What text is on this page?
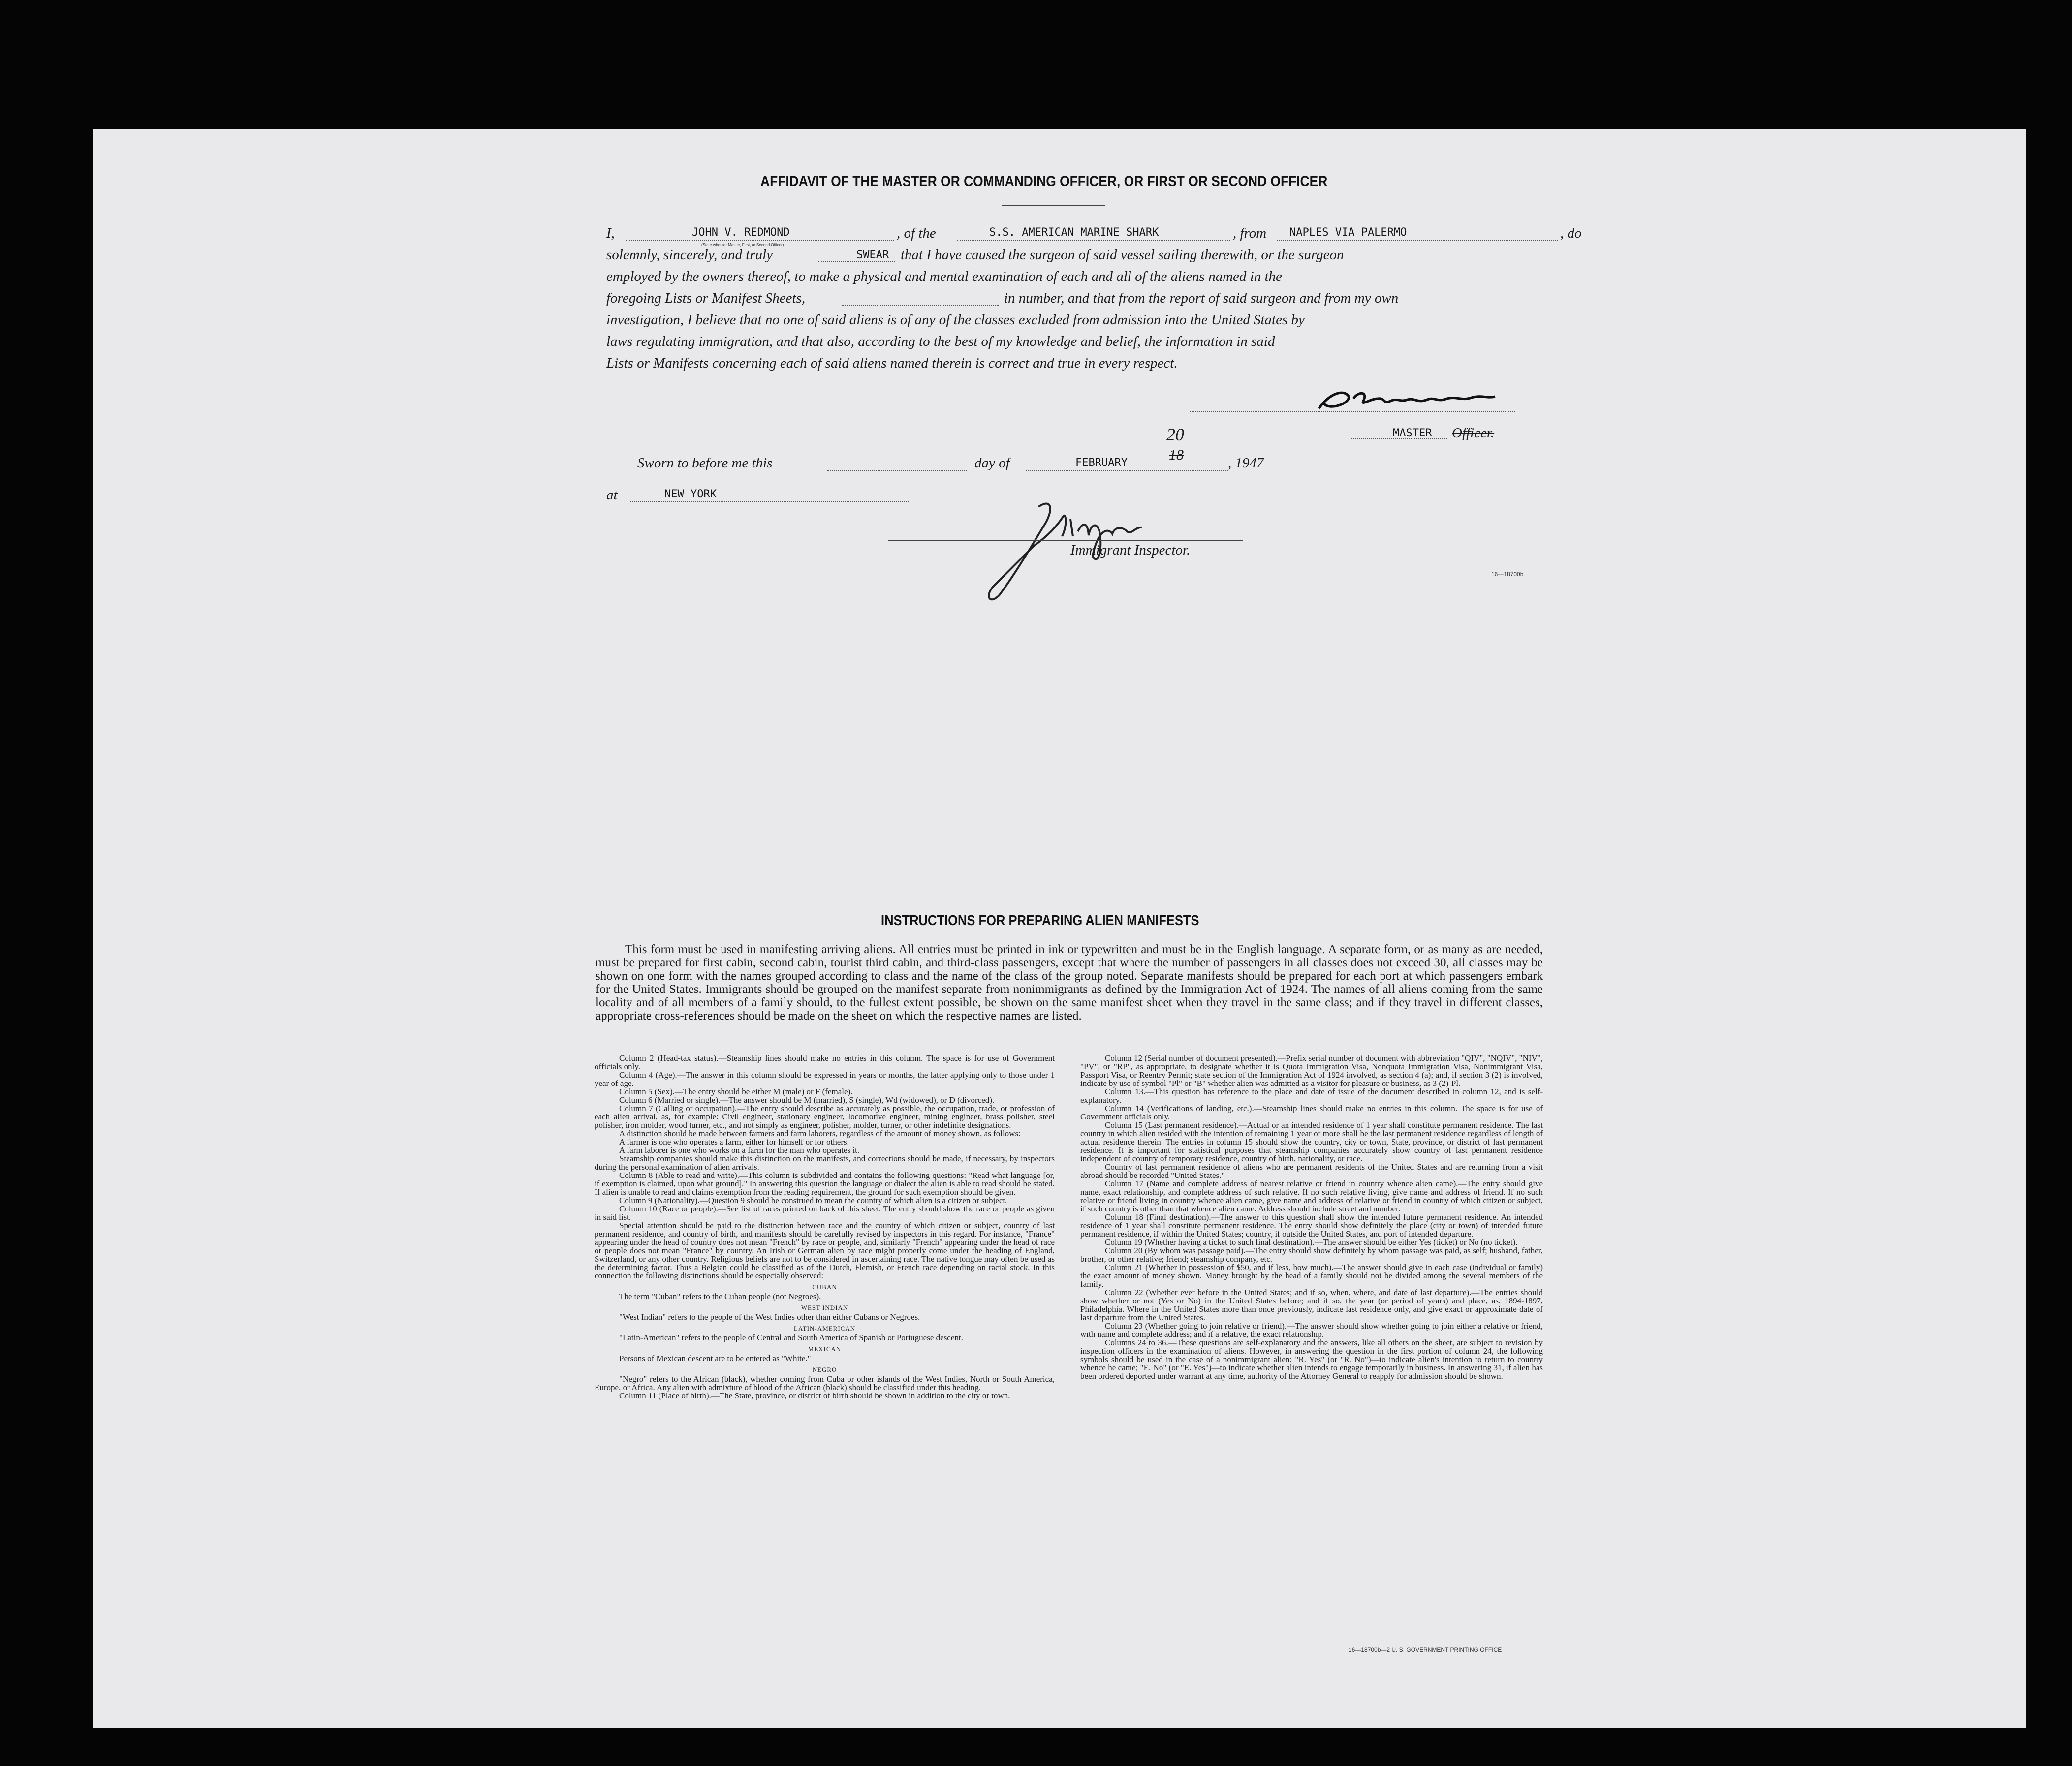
AFFIDAVIT OF THE MASTER OR COMMANDING OFFICER, OR FIRST OR SECOND OFFICER
I,	JOHN V. REDMOND
(State whether Master, First, or Second Officer)
, of the	S.S. AMERICAN MARINE SHARK	, from NAPLES VIA PALERMO	, do
solemnly, sincerely, and truly	SWEAR that I have caused the surgeon of said vessel sailing therewith, or the surgeon
employed by the owners thereof, to make a physical and mental examination of each and all of the aliens named in the
foregoing Lists or Manifest Sheets,	in number, and that from the report of said surgeon and from my own
investigation, I believe that no one of said aliens is of any of the classes excluded from admission into the United States by
laws regulating immigration, and that also, according to the best of my knowledge and belief, the information in said
Lists or Manifests concerning each of said aliens named therein is correct and true in every respect.
MASTER Officer.
Sworn to before me this	day of	FEBRUARY
20
18	, 1947
at	NEW YORK
Immigrant Inspector.
16—18700b
INSTRUCTIONS FOR PREPARING ALIEN MANIFESTS
This form must be used in manifesting arriving aliens. All entries must be printed in ink or typewritten and must be in the English language. A separate form, or as many as are needed, must be prepared for first cabin, second cabin, tourist third cabin, and third-class passengers, except that where the number of passengers in all classes does not exceed 30, all classes may be shown on one form with the names grouped according to class and the name of the class of the group noted. Separate manifests should be prepared for each port at which passengers embark for the United States. Immigrants should be grouped on the manifest separate from nonimmigrants as defined by the Immigration Act of 1924. The names of all aliens coming from the same locality and of all members of a family should, to the fullest extent possible, be shown on the same manifest sheet when they travel in the same class; and if they travel in different classes, appropriate cross-references should be made on the sheet on which the respective names are listed.

Column 2 (Head-tax status).—Steamship lines should make no entries in this column. The space is for use of Government officials only.

Column 4 (Age).—The answer in this column should be expressed in years or months, the latter applying only to those under 1 year of age.

Column 5 (Sex).—The entry should be either M (male) or F (female).

Column 6 (Married or single).—The answer should be M (married), S (single), Wd (widowed), or D (divorced).

Column 7 (Calling or occupation).—The entry should describe as accurately as possible, the occupation, trade, or profession of each alien arrival, as, for example: Civil engineer, stationary engineer, locomotive engineer, mining engineer, brass polisher, steel polisher, iron molder, wood turner, etc., and not simply as engineer, polisher, molder, turner, or other indefinite designations.

A distinction should be made between farmers and farm laborers, regardless of the amount of money shown, as follows:

A farmer is one who operates a farm, either for himself or for others.

A farm laborer is one who works on a farm for the man who operates it.

Steamship companies should make this distinction on the manifests, and corrections should be made, if necessary, by inspectors during the personal examination of alien arrivals.

Column 8 (Able to read and write).—This column is subdivided and contains the following questions: "Read what language [or, if exemption is claimed, upon what ground]." In answering this question the language or dialect the alien is able to read should be stated. If alien is unable to read and claims exemption from the reading requirement, the ground for such exemption should be given.

Column 9 (Nationality).—Question 9 should be construed to mean the country of which alien is a citizen or subject.

Column 10 (Race or people).—See list of races printed on back of this sheet. The entry should show the race or people as given in said list.

Special attention should be paid to the distinction between race and the country of which citizen or subject, country of last permanent residence, and country of birth, and manifests should be carefully revised by inspectors in this regard. For instance, "France" appearing under the head of country does not mean "French" by race or people, and, similarly "French" appearing under the head of race or people does not mean "France" by country. An Irish or German alien by race might properly come under the heading of England, Switzerland, or any other country. Religious beliefs are not to be considered in ascertaining race. The native tongue may often be used as the determining factor. Thus a Belgian could be classified as of the Dutch, Flemish, or French race depending on racial stock. In this connection the following distinctions should be especially observed:

CUBAN

The term "Cuban" refers to the Cuban people (not Negroes).

WEST INDIAN

"West Indian" refers to the people of the West Indies other than either Cubans or Negroes.

LATIN-AMERICAN

"Latin-American" refers to the people of Central and South America of Spanish or Portuguese descent.

MEXICAN

Persons of Mexican descent are to be entered as "White."

NEGRO

"Negro" refers to the African (black), whether coming from Cuba or other islands of the West Indies, North or South America, Europe, or Africa. Any alien with admixture of blood of the African (black) should be classified under this heading.

Column 11 (Place of birth).—The State, province, or district of birth should be shown in addition to the city or town.

Column 12 (Serial number of document presented).—Prefix serial number of document with abbreviation "QIV", "NQIV", "NIV", "PV", or "RP", as appropriate, to designate whether it is Quota Immigration Visa, Nonquota Immigration Visa, Nonimmigrant Visa, Passport Visa, or Reentry Permit; state section of the Immigration Act of 1924 involved, as section 4 (a); and, if section 3 (2) is involved, indicate by use of symbol "Pl" or "B" whether alien was admitted as a visitor for pleasure or business, as 3 (2)-Pl.

Column 13.—This question has reference to the place and date of issue of the document described in column 12, and is self-explanatory.

Column 14 (Verifications of landing, etc.).—Steamship lines should make no entries in this column. The space is for use of Government officials only.

Column 15 (Last permanent residence).—Actual or an intended residence of 1 year shall constitute permanent residence. The last country in which alien resided with the intention of remaining 1 year or more shall be the last permanent residence regardless of length of actual residence therein. The entries in column 15 should show the country, city or town, State, province, or district of last permanent residence. It is important for statistical purposes that steamship companies accurately show country of last permanent residence independent of country of temporary residence, country of birth, nationality, or race.

Country of last permanent residence of aliens who are permanent residents of the United States and are returning from a visit abroad should be recorded "United States."

Column 17 (Name and complete address of nearest relative or friend in country whence alien came).—The entry should give name, exact relationship, and complete address of such relative. If no such relative living, give name and address of friend. If no such relative or friend living in country whence alien came, give name and address of relative or friend in country of which citizen or subject, if such country is other than that whence alien came. Address should include street and number.

Column 18 (Final destination).—The answer to this question shall show the intended future permanent residence. An intended residence of 1 year shall constitute permanent residence. The entry should show definitely the place (city or town) of intended future permanent residence, if within the United States; country, if outside the United States, and port of intended departure.

Column 19 (Whether having a ticket to such final destination).—The answer should be either Yes (ticket) or No (no ticket).

Column 20 (By whom was passage paid).—The entry should show definitely by whom passage was paid, as self; husband, father, brother, or other relative; friend; steamship company, etc.

Column 21 (Whether in possession of $50, and if less, how much).—The answer should give in each case (individual or family) the exact amount of money shown. Money brought by the head of a family should not be divided among the several members of the family.

Column 22 (Whether ever before in the United States; and if so, when, where, and date of last departure).—The entries should show whether or not (Yes or No) in the United States before; and if so, the year (or period of years) and place, as, 1894-1897, Philadelphia. Where in the United States more than once previously, indicate last residence only, and give exact or approximate date of last departure from the United States.

Column 23 (Whether going to join relative or friend).—The answer should show whether going to join either a relative or friend, with name and complete address; and if a relative, the exact relationship.

Columns 24 to 36.—These questions are self-explanatory and the answers, like all others on the sheet, are subject to revision by inspection officers in the examination of aliens. However, in answering the question in the first portion of column 24, the following symbols should be used in the case of a nonimmigrant alien: "R. Yes" (or "R. No")—to indicate alien's intention to return to country whence he came; "E. No" (or "E. Yes")—to indicate whether alien intends to engage temporarily in business. In answering 31, if alien has been ordered deported under warrant at any time, authority of the Attorney General to reapply for admission should be shown.

16—18700b—2 U. S. GOVERNMENT PRINTING OFFICE
